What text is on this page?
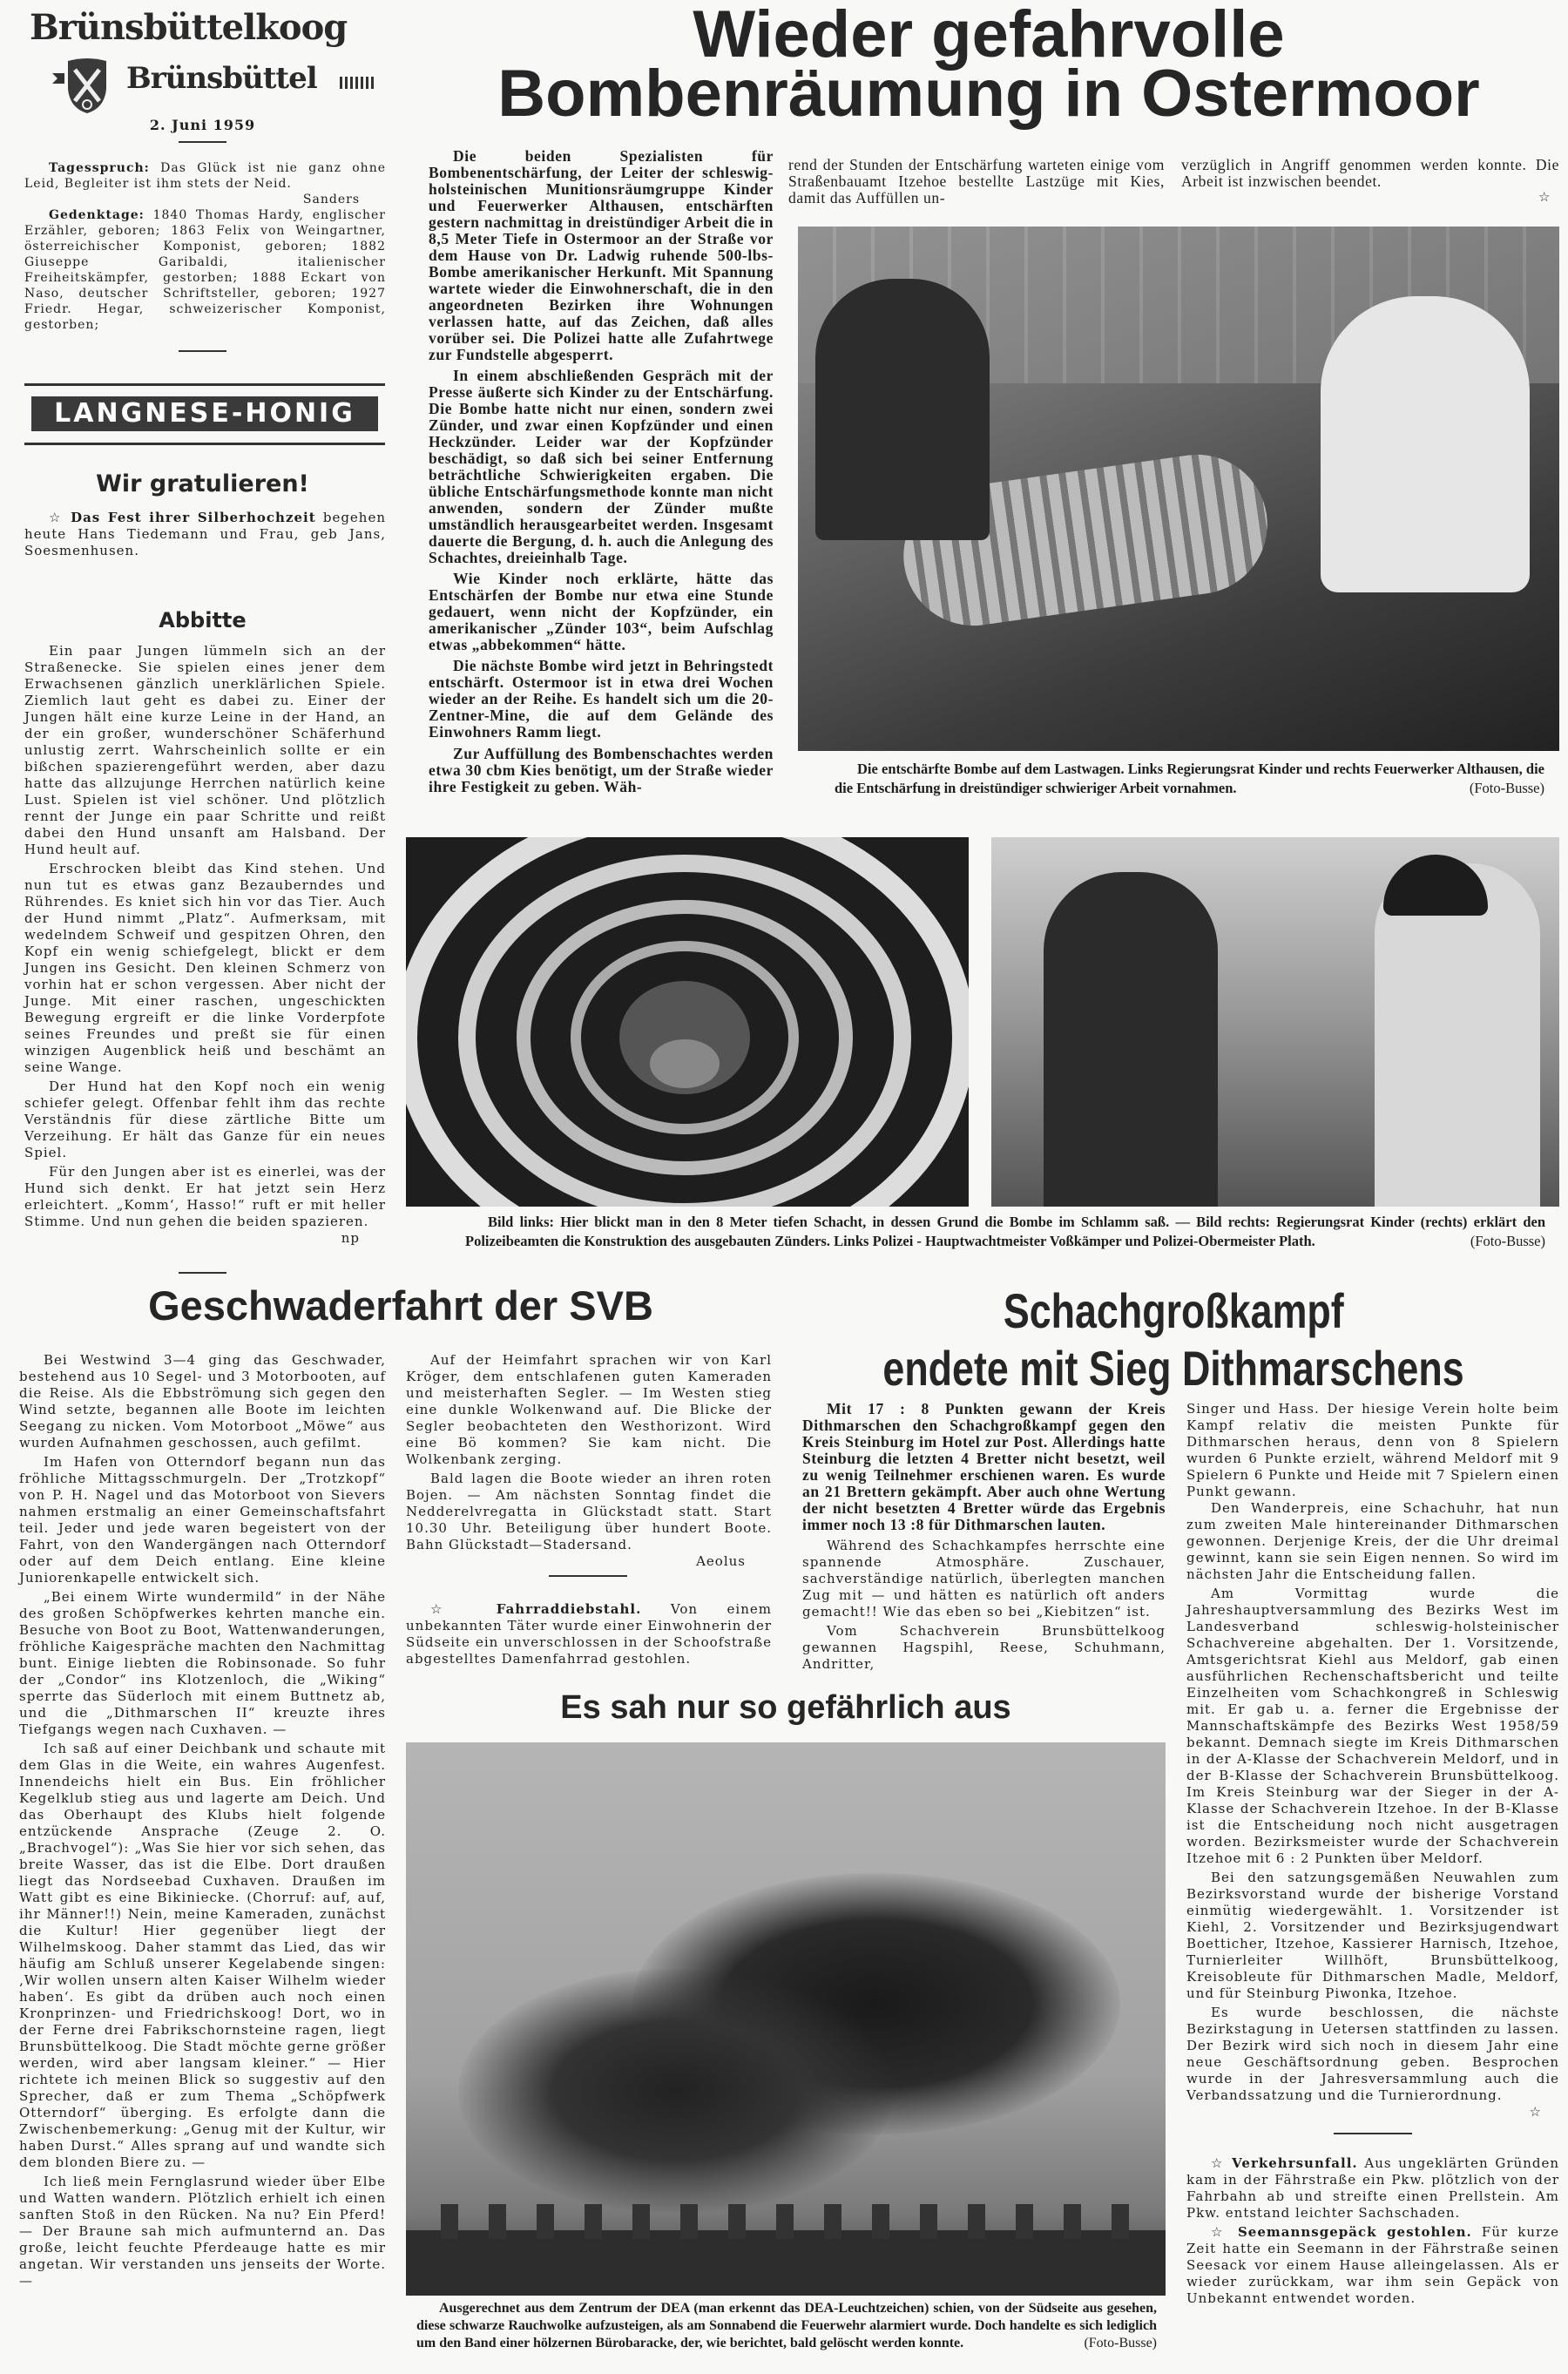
Brünsbüttelkoog
Brünsbüttel
2. Juni 1959

Tagesspruch: Das Glück ist nie ganz ohne Leid, Begleiter ist ihm stets der Neid.

Sanders

Gedenktage: 1840 Thomas Hardy, englischer Erzähler, geboren; 1863 Felix von Weingartner, österreichischer Komponist, geboren; 1882 Giuseppe Garibaldi, italienischer Freiheitskämpfer, gestorben; 1888 Eckart von Naso, deutscher Schriftsteller, geboren; 1927 Friedr. Hegar, schweizerischer Komponist, gestorben;

LANGNESE-HONIG
Wir gratulieren!

☆ Das Fest ihrer Silberhochzeit begehen heute Hans Tiedemann und Frau, geb Jans, Soesmenhusen.

Abbitte

Ein paar Jungen lümmeln sich an der Straßenecke. Sie spielen eines jener dem Erwachsenen gänzlich unerklärlichen Spiele. Ziemlich laut geht es dabei zu. Einer der Jungen hält eine kurze Leine in der Hand, an der ein großer, wunderschöner Schäferhund unlustig zerrt. Wahrscheinlich sollte er ein bißchen spazierengeführt werden, aber dazu hatte das allzujunge Herrchen natürlich keine Lust. Spielen ist viel schöner. Und plötzlich rennt der Junge ein paar Schritte und reißt dabei den Hund unsanft am Halsband. Der Hund heult auf.

Erschrocken bleibt das Kind stehen. Und nun tut es etwas ganz Bezauberndes und Rührendes. Es kniet sich hin vor das Tier. Auch der Hund nimmt „Platz“. Aufmerksam, mit wedelndem Schweif und gespitzen Ohren, den Kopf ein wenig schiefgelegt, blickt er dem Jungen ins Gesicht. Den kleinen Schmerz von vorhin hat er schon vergessen. Aber nicht der Junge. Mit einer raschen, ungeschickten Bewegung ergreift er die linke Vorderpfote seines Freundes und preßt sie für einen winzigen Augenblick heiß und beschämt an seine Wange.

Der Hund hat den Kopf noch ein wenig schiefer gelegt. Offenbar fehlt ihm das rechte Verständnis für diese zärtliche Bitte um Verzeihung. Er hält das Ganze für ein neues Spiel.

Für den Jungen aber ist es einerlei, was der Hund sich denkt. Er hat jetzt sein Herz erleichtert. „Komm‘, Hasso!“ ruft er mit heller Stimme. Und nun gehen die beiden spazieren.

np
Wieder gefahrvolle
Bombenräumung in Ostermoor

Die beiden Spezialisten für Bombenentschärfung, der Leiter der schleswig-holsteinischen Munitionsräumgruppe Kinder und Feuerwerker Althausen, entschärften gestern nachmittag in dreistündiger Arbeit die in 8,5 Meter Tiefe in Ostermoor an der Straße vor dem Hause von Dr. Ladwig ruhende 500-lbs-Bombe amerikanischer Herkunft. Mit Spannung wartete wieder die Einwohnerschaft, die in den angeordneten Bezirken ihre Wohnungen verlassen hatte, auf das Zeichen, daß alles vorüber sei. Die Polizei hatte alle Zufahrtwege zur Fundstelle abgesperrt.

In einem abschließenden Gespräch mit der Presse äußerte sich Kinder zu der Entschärfung. Die Bombe hatte nicht nur einen, sondern zwei Zünder, und zwar einen Kopfzünder und einen Heckzünder. Leider war der Kopfzünder beschädigt, so daß sich bei seiner Entfernung beträchtliche Schwierigkeiten ergaben. Die übliche Entschärfungsmethode konnte man nicht anwenden, sondern der Zünder mußte umständlich herausgearbeitet werden. Insgesamt dauerte die Bergung, d. h. auch die Anlegung des Schachtes, dreieinhalb Tage.

Wie Kinder noch erklärte, hätte das Entschärfen der Bombe nur etwa eine Stunde gedauert, wenn nicht der Kopfzünder, ein amerikanischer „Zünder 103“, beim Aufschlag etwas „abbekommen“ hätte.

Die nächste Bombe wird jetzt in Behringstedt entschärft. Ostermoor ist in etwa drei Wochen wieder an der Reihe. Es handelt sich um die 20-Zentner-Mine, die auf dem Gelände des Einwohners Ramm liegt.

Zur Auffüllung des Bombenschachtes werden etwa 30 cbm Kies benötigt, um der Straße wieder ihre Festigkeit zu geben. Wäh-

rend der Stunden der Entschärfung warteten einige vom Straßenbauamt Itzehoe bestellte Lastzüge mit Kies, damit das Auffüllen un-
verzüglich in Angriff genommen werden konnte. Die Arbeit ist inzwischen beendet.
☆
Die entschärfte Bombe auf dem Lastwagen. Links Regierungsrat Kinder und rechts Feuerwerker Althausen, die die Entschärfung in dreistündiger schwieriger Arbeit vornahmen.	(Foto-Busse)
Bild links: Hier blickt man in den 8 Meter tiefen Schacht, in dessen Grund die Bombe im Schlamm saß. — Bild rechts: Regierungsrat Kinder (rechts) erklärt den Polizeibeamten die Konstruktion des ausgebauten Zünders. Links Polizei - Hauptwachtmeister Voßkämper und Polizei-Obermeister Plath.	(Foto-Busse)
Geschwaderfahrt der SVB

Bei Westwind 3—4 ging das Geschwader, bestehend aus 10 Segel- und 3 Motorbooten, auf die Reise. Als die Ebbströmung sich gegen den Wind setzte, begannen alle Boote im leichten Seegang zu nicken. Vom Motorboot „Möwe“ aus wurden Aufnahmen geschossen, auch gefilmt.

Im Hafen von Otterndorf begann nun das fröhliche Mittagsschmurgeln. Der „Trotzkopf“ von P. H. Nagel und das Motorboot von Sievers nahmen erstmalig an einer Gemeinschaftsfahrt teil. Jeder und jede waren begeistert von der Fahrt, von den Wandergängen nach Otterndorf oder auf dem Deich entlang. Eine kleine Juniorenkapelle entwickelt sich.

„Bei einem Wirte wundermild“ in der Nähe des großen Schöpfwerkes kehrten manche ein. Besuche von Boot zu Boot, Wattenwanderungen, fröhliche Kaigespräche machten den Nachmittag bunt. Einige liebten die Robinsonade. So fuhr der „Condor“ ins Klotzenloch, die „Wiking“ sperrte das Süderloch mit einem Buttnetz ab, und die „Dithmarschen II“ kreuzte ihres Tiefgangs wegen nach Cuxhaven. —

Ich saß auf einer Deichbank und schaute mit dem Glas in die Weite, ein wahres Augenfest. Innendeichs hielt ein Bus. Ein fröhlicher Kegelklub stieg aus und lagerte am Deich. Und das Oberhaupt des Klubs hielt folgende entzückende Ansprache (Zeuge 2. O. „Brachvogel“): „Was Sie hier vor sich sehen, das breite Wasser, das ist die Elbe. Dort draußen liegt das Nordseebad Cuxhaven. Draußen im Watt gibt es eine Bikiniecke. (Chorruf: auf, auf, ihr Männer!!) Nein, meine Kameraden, zunächst die Kultur! Hier gegenüber liegt der Wilhelmskoog. Daher stammt das Lied, das wir häufig am Schluß unserer Kegelabende singen: ‚Wir wollen unsern alten Kaiser Wilhelm wieder haben‘. Es gibt da drüben auch noch einen Kronprinzen- und Friedrichskoog! Dort, wo in der Ferne drei Fabrikschornsteine ragen, liegt Brunsbüttelkoog. Die Stadt möchte gerne größer werden, wird aber langsam kleiner.“ — Hier richtete ich meinen Blick so suggestiv auf den Sprecher, daß er zum Thema „Schöpfwerk Otterndorf“ überging. Es erfolgte dann die Zwischenbemerkung: „Genug mit der Kultur, wir haben Durst.“ Alles sprang auf und wandte sich dem blonden Biere zu. —

Ich ließ mein Fernglasrund wieder über Elbe und Watten wandern. Plötzlich erhielt ich einen sanften Stoß in den Rücken. Na nu? Ein Pferd! — Der Braune sah mich aufmunternd an. Das große, leicht feuchte Pferdeauge hatte es mir angetan. Wir verstanden uns jenseits der Worte. —

Auf der Heimfahrt sprachen wir von Karl Kröger, dem entschlafenen guten Kameraden und meisterhaften Segler. — Im Westen stieg eine dunkle Wolkenwand auf. Die Blicke der Segler beobachteten den Westhorizont. Wird eine Bö kommen? Sie kam nicht. Die Wolkenbank zerging.

Bald lagen die Boote wieder an ihren roten Bojen. — Am nächsten Sonntag findet die Nedderelvregatta in Glückstadt statt. Start 10.30 Uhr. Beteiligung über hundert Boote. Bahn Glückstadt—Stadersand.

Aeolus

☆ Fahrraddiebstahl. Von einem unbekannten Täter wurde einer Einwohnerin der Südseite ein unverschlossen in der Schoofstraße abgestelltes Damenfahrrad gestohlen.

Schachgroßkampf
endete mit Sieg Dithmarschens

Mit 17 : 8 Punkten gewann der Kreis Dithmarschen den Schachgroßkampf gegen den Kreis Steinburg im Hotel zur Post. Allerdings hatte Steinburg die letzten 4 Bretter nicht besetzt, weil zu wenig Teilnehmer erschienen waren. Es wurde an 21 Brettern gekämpft. Aber auch ohne Wertung der nicht besetzten 4 Bretter würde das Ergebnis immer noch 13 :8 für Dithmarschen lauten.

Während des Schachkampfes herrschte eine spannende Atmosphäre. Zuschauer, sachverständige natürlich, überlegten manchen Zug mit — und hätten es natürlich oft anders gemacht!! Wie das eben so bei „Kiebitzen“ ist.

Vom Schachverein Brunsbüttelkoog gewannen Hagspihl, Reese, Schuhmann, Andritter,

Singer und Hass. Der hiesige Verein holte beim Kampf relativ die meisten Punkte für Dithmarschen heraus, denn von 8 Spielern wurden 6 Punkte erzielt, während Meldorf mit 9 Spielern 6 Punkte und Heide mit 7 Spielern einen Punkt gewann.

Den Wanderpreis, eine Schachuhr, hat nun zum zweiten Male hintereinander Dithmarschen gewonnen. Derjenige Kreis, der die Uhr dreimal gewinnt, kann sie sein Eigen nennen. So wird im nächsten Jahr die Entscheidung fallen.

Am Vormittag wurde die Jahreshauptversammlung des Bezirks West im Landesverband schleswig-holsteinischer Schachvereine abgehalten. Der 1. Vorsitzende, Amtsgerichtsrat Kiehl aus Meldorf, gab einen ausführlichen Rechenschaftsbericht und teilte Einzelheiten vom Schachkongreß in Schleswig mit. Er gab u. a. ferner die Ergebnisse der Mannschaftskämpfe des Bezirks West 1958/59 bekannt. Demnach siegte im Kreis Dithmarschen in der A-Klasse der Schachverein Meldorf, und in der B-Klasse der Schachverein Brunsbüttelkoog. Im Kreis Steinburg war der Sieger in der A-Klasse der Schachverein Itzehoe. In der B-Klasse ist die Entscheidung noch nicht ausgetragen worden. Bezirksmeister wurde der Schachverein Itzehoe mit 6 : 2 Punkten über Meldorf.

Bei den satzungsgemäßen Neuwahlen zum Bezirksvorstand wurde der bisherige Vorstand einmütig wiedergewählt. 1. Vorsitzender ist Kiehl, 2. Vorsitzender und Bezirksjugendwart Boetticher, Itzehoe, Kassierer Harnisch, Itzehoe, Turnierleiter Willhöft, Brunsbüttelkoog, Kreisobleute für Dithmarschen Madle, Meldorf, und für Steinburg Piwonka, Itzehoe.

Es wurde beschlossen, die nächste Bezirkstagung in Uetersen stattfinden zu lassen. Der Bezirk wird sich noch in diesem Jahr eine neue Geschäftsordnung geben. Besprochen wurde in der Jahresversammlung auch die Verbandssatzung und die Turnierordnung.

☆

☆ Verkehrsunfall. Aus ungeklärten Gründen kam in der Fährstraße ein Pkw. plötzlich von der Fahrbahn ab und streifte einen Prellstein. Am Pkw. entstand leichter Sachschaden.

☆ Seemannsgepäck gestohlen. Für kurze Zeit hatte ein Seemann in der Fährstraße seinen Seesack vor einem Hause alleingelassen. Als er wieder zurückkam, war ihm sein Gepäck von Unbekannt entwendet worden.

Es sah nur so gefährlich aus
Ausgerechnet aus dem Zentrum der DEA (man erkennt das DEA-Leuchtzeichen) schien, von der Südseite aus gesehen, diese schwarze Rauchwolke aufzusteigen, als am Sonnabend die Feuerwehr alarmiert wurde. Doch handelte es sich lediglich um den Band einer hölzernen Bürobaracke, der, wie berichtet, bald gelöscht werden konnte.	(Foto-Busse)
